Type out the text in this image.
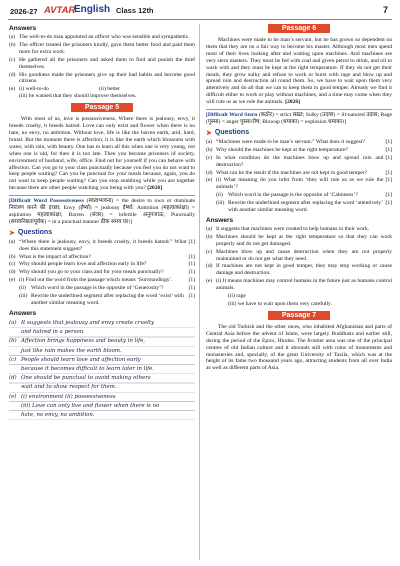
2026-27 AVTAR
English Class 12th	7
Answers
(a) The well-to-do man appointed an officer who was sensible and sympathetic.
(b) The officer treated the prisoners kindly, gave them better food and paid them more for extra work.
(c) He gathered all the prisoners and asked them to find and punish the thief themselves.
(d) His goodness made the prisoners give up their bad habits and become good citizens.
(e) (i) well-to-do	(ii) better
(iii) he wanted that they should improve themselves.
Passage 5

With most of us, love is possessiveness. Where there is jealousy, envy, it breeds cruelty, it breeds hatred. Love can only exist and flower when there is no hate, no envy, no ambition. Without love, life is like the barren earth, arid, hard, brutal. But the moment there is affection, it is like the earth which blossoms with water, with rain, with beauty. One has to learn all this when one is very young, not when one is old, for then it is too late. Then you become prisoners of society, environment of husband, wife, office. Find out for yourself if you can behave with affection. Can you go to your class punctually because you feel you do not want to keep people waiting? Can you be punctual for your meals because, again, you do not want to keep people waiting? Can you stop snubbing while you are together because there are other people watching you being with you? [2026]

[Difficult Word Possessiveness (स्वत्वभावना) = the desire to own or dominate नियंत्रण करने की इच्छा; Envy (ईर्ष्या) = jealousy ईर्ष्या; Ambition (महत्वाकांक्षा) = aspiration महत्वाकांक्षा; Barren (बंजर) = infertile अनुपजाऊ; Punctually (समयनिष्ठतापूर्वक) = in a punctual manner ठीक समय पर।]
➤ Questions
(a) “Where there is jealousy, envy, it breeds cruelty, it breeds hatred.” What does this statement suggest?
[1]
(b) What is the impact of affection?	[1]
(c) Why should people learn love and affection early in life?	[1]
(d) Why should you go to your class and for your meals punctually?	[1]
(e) (i) Find out the word from the passage which means ‘Surroundings’.	[1]
(ii) Which word in the passage is the opposite of ‘Generosity’?	[1]
(iii) Rewrite the underlined segment after replacing the word ‘exist’ with another similar meaning word.
[1]
Answers
(a) It suggests that jealousy and envy create cruelty
and hatred in a person.
(b) Affection brings happiness and beauty in life,
just like rain makes the earth bloom.
(c) People should learn love and affection early
because it becomes difficult to learn later in life.
(d) One should be punctual to avoid making others
wait and to show respect for them.
(e) (i) environment (ii) possessiveness
(iii) Love can only live and flower when there is no
hate, no envy, no ambition.
Passage 6

Machines were made to be man’s servant, but he has grown so dependent on them that they are on a fair way to become his master. Although most men spend most of their lives looking after and waiting upon machines. And machines are very stern masters. They must be fed with coal and given petrol to drink, and oil to wash with and they must be kept at the right temperature. If they do not get their meals, they grow sulky and refuse to work or burst with rage and blow up and spread ruin and destruction all round them. So, we have to wait upon them very attentively and do all that we can to keep them in good temper. Already we find it difficult either to work or play without machines, and a time may come when they will rule us as we rule the animals. [2026]

[Difficult Word Stern (कठोर) = strict सख़्त; Sulky (उदास) = ill-natured उदास; Rage (गुस्सा) = anger गुस्सा/रोष; Blowup (धमाका) = explosion धमाका।]
➤ Questions
(a) “Machines were made to be man’s servant.” What does it suggest?	[1]
(b) Why should the machines be kept at the right temperature?	[1]
(c) In what condition do the machines blow up and spread ruin and destruction?
[1]
(d) What can be the result if the machines are not kept in good temper?	[1]
(e) (i) What meaning do you infer from ‘they will rule us as we rule the animals’?
[1]
(ii) Which word in the passage is the opposite of ‘Calmness’?	[1]
(iii) Rewrite the underlined segment after replacing the word ‘attentively’ with another similar meaning word.
[1]
Answers
(a) It suggests that machines were created to help humans in their work.
(b) Machines should be kept at the right temperature so that they can work properly and do not get damaged.
(c) Machines blow up and cause destruction when they are not properly maintained or do not get what they need.
(d) If machines are not kept in good temper, they may stop working or cause damage and destruction.
(e) (i) It means machines may control humans in the future just as humans control animals.
(ii) rage
(iii) we have to wait upon them very carefully.
Passage 7

The old Turkish and the other races, who inhabited Afghanistan and parts of Central Asia before the advent of Islam, were largely Buddhists and earlier still, during the period of the Epics, Hindus. The frontier area was one of the principal centres of old Indian culture and it abounds still with ruins of monuments and monasteries and, specially, of the great University of Taxila, which was at the height of its fame two thousand years ago, attracting students from all over India as well as different parts of Asia.
